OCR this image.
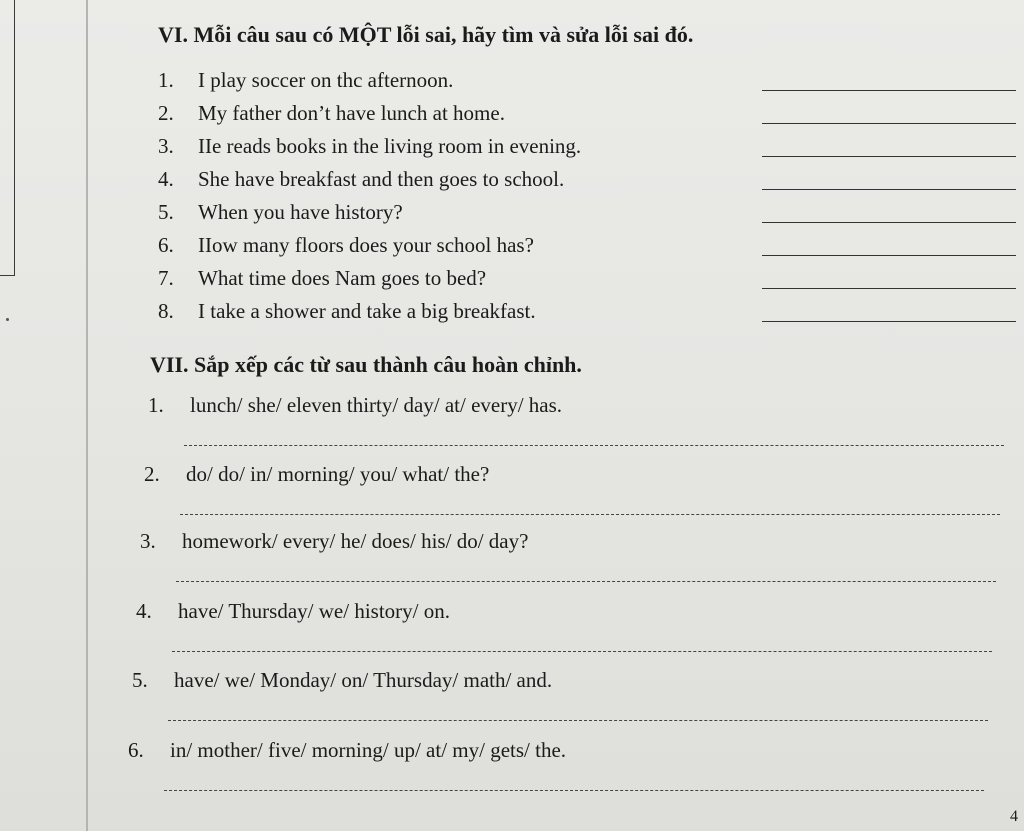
VI. Mỗi câu sau có MỘT lỗi sai, hãy tìm và sửa lỗi sai đó.
1. I play soccer on thc afternoon.
2. My father don’t have lunch at home.
3. IIe reads books in the living room in evening.
4. She have breakfast and then goes to school.
5. When you have history?
6. IIow many floors does your school has?
7. What time does Nam goes to bed?
8. I take a shower and take a big breakfast.
VII. Sắp xếp các từ sau thành câu hoàn chỉnh.
1. lunch/ she/ eleven thirty/ day/ at/ every/ has.
2. do/ do/ in/ morning/ you/ what/ the?
3. homework/ every/ he/ does/ his/ do/ day?
4. have/ Thursday/ we/ history/ on.
5. have/ we/ Monday/ on/ Thursday/ math/ and.
6. in/ mother/ five/ morning/ up/ at/ my/ gets/ the.
4
